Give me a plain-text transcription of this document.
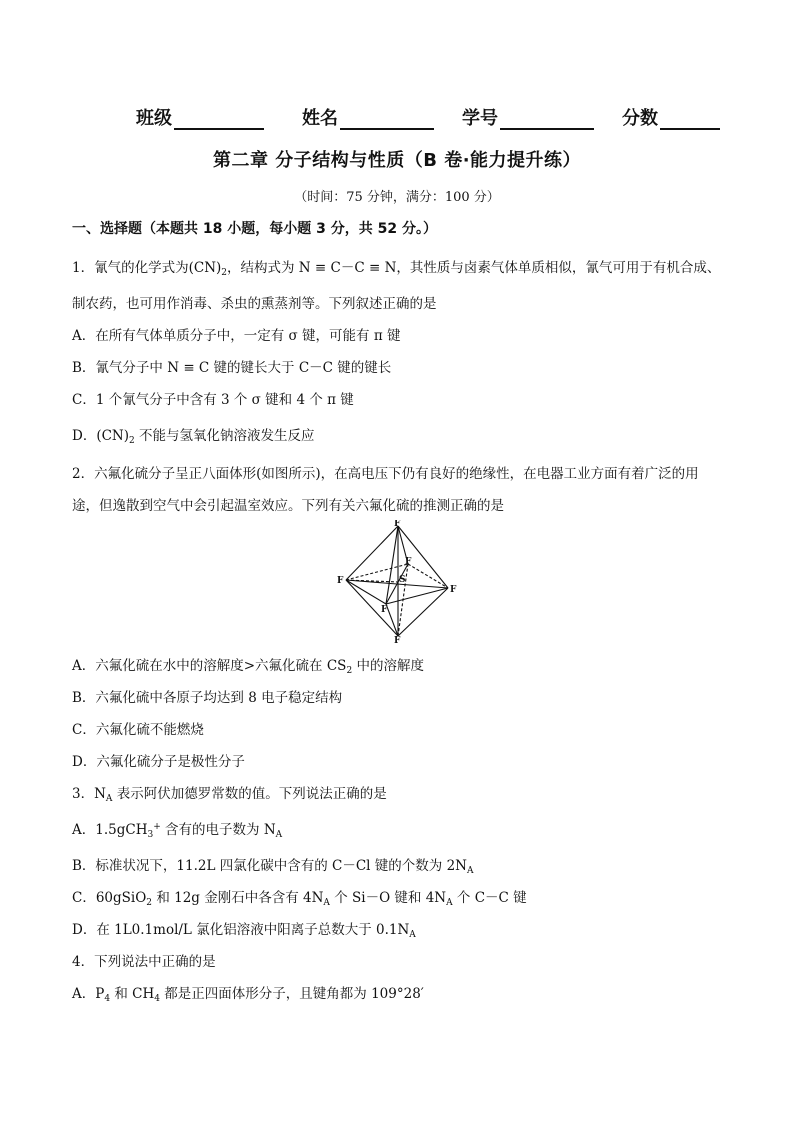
班级	姓名	学号	分数
第二章 分子结构与性质（B 卷·能力提升练）
（时间：75 分钟，满分：100 分）
一、选择题（本题共 18 小题，每小题 3 分，共 52 分。）
1．氰气的化学式为$(CN)_2$，结构式为 N ≡ C－C ≡ N，其性质与卤素气体单质相似，氰气可用于有机合成、
制农药，也可用作消毒、杀虫的熏蒸剂等。下列叙述正确的是
A．在所有气体单质分子中，一定有 σ 键，可能有 π 键
B．氰气分子中 N ≡ C 键的键长大于 C－C 键的键长
C．1 个氰气分子中含有 3 个 σ 键和 4 个 π 键
D．$(CN)_2$ 不能与氢氧化钠溶液发生反应
2．六氟化硫分子呈正八面体形(如图所示)，在高电压下仍有良好的绝缘性，在电器工业方面有着广泛的用
途，但逸散到空气中会引起温室效应。下列有关六氟化硫的推测正确的是
F
F
F
F
F
F
S
A．六氟化硫在水中的溶解度>六氟化硫在 $CS_2$ 中的溶解度
B．六氟化硫中各原子均达到 8 电子稳定结构
C．六氟化硫不能燃烧
D．六氟化硫分子是极性分子
3．$N_A$ 表示阿伏加德罗常数的值。下列说法正确的是
A．1.5gCH$_3$+ 含有的电子数为 $N_A$
B．标准状况下，11.2L 四氯化碳中含有的 C－Cl 键的个数为 $2N_A$
C．60gSiO$_2$ 和 12g 金刚石中各含有 $4N_A$ 个 Si－O 键和 $4N_A$ 个 C－C 键
D．在 1L0.1mol/L 氯化铝溶液中阳离子总数大于 $0.1N_A$
4．下列说法中正确的是
A．$P_4$ 和 $CH_4$ 都是正四面体形分子，且键角都为 109°28′
